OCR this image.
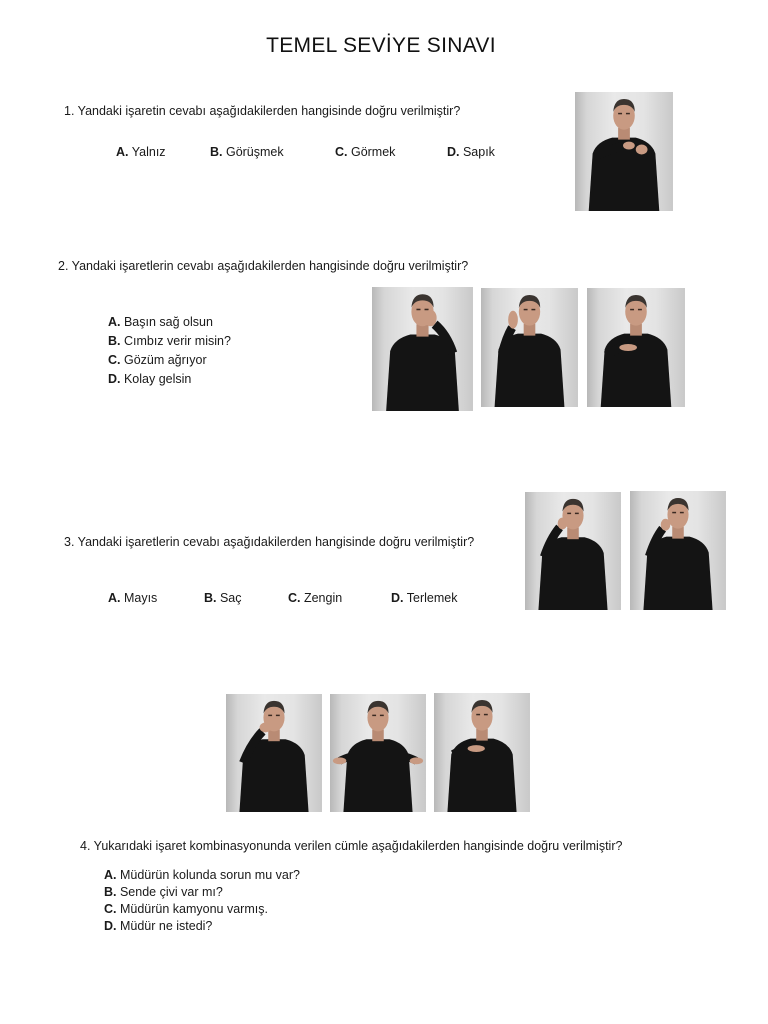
TEMEL SEVİYE SINAVI
1. Yandaki işaretin cevabı aşağıdakilerden hangisinde doğru verilmiştir?
A. Yalnız	B. Görüşmek	C. Görmek	D. Sapık
2. Yandaki işaretlerin cevabı aşağıdakilerden hangisinde doğru verilmiştir?
A. Başın sağ olsun
B. Cımbız verir misin?
C. Gözüm ağrıyor
D. Kolay gelsin
3. Yandaki işaretlerin cevabı aşağıdakilerden hangisinde doğru verilmiştir?
A. Mayıs	B. Saç	C. Zengin	D. Terlemek
4. Yukarıdaki işaret kombinasyonunda verilen cümle aşağıdakilerden hangisinde doğru verilmiştir?
A. Müdürün kolunda sorun mu var?
B. Sende çivi var mı?
C. Müdürün kamyonu varmış.
D. Müdür ne istedi?
